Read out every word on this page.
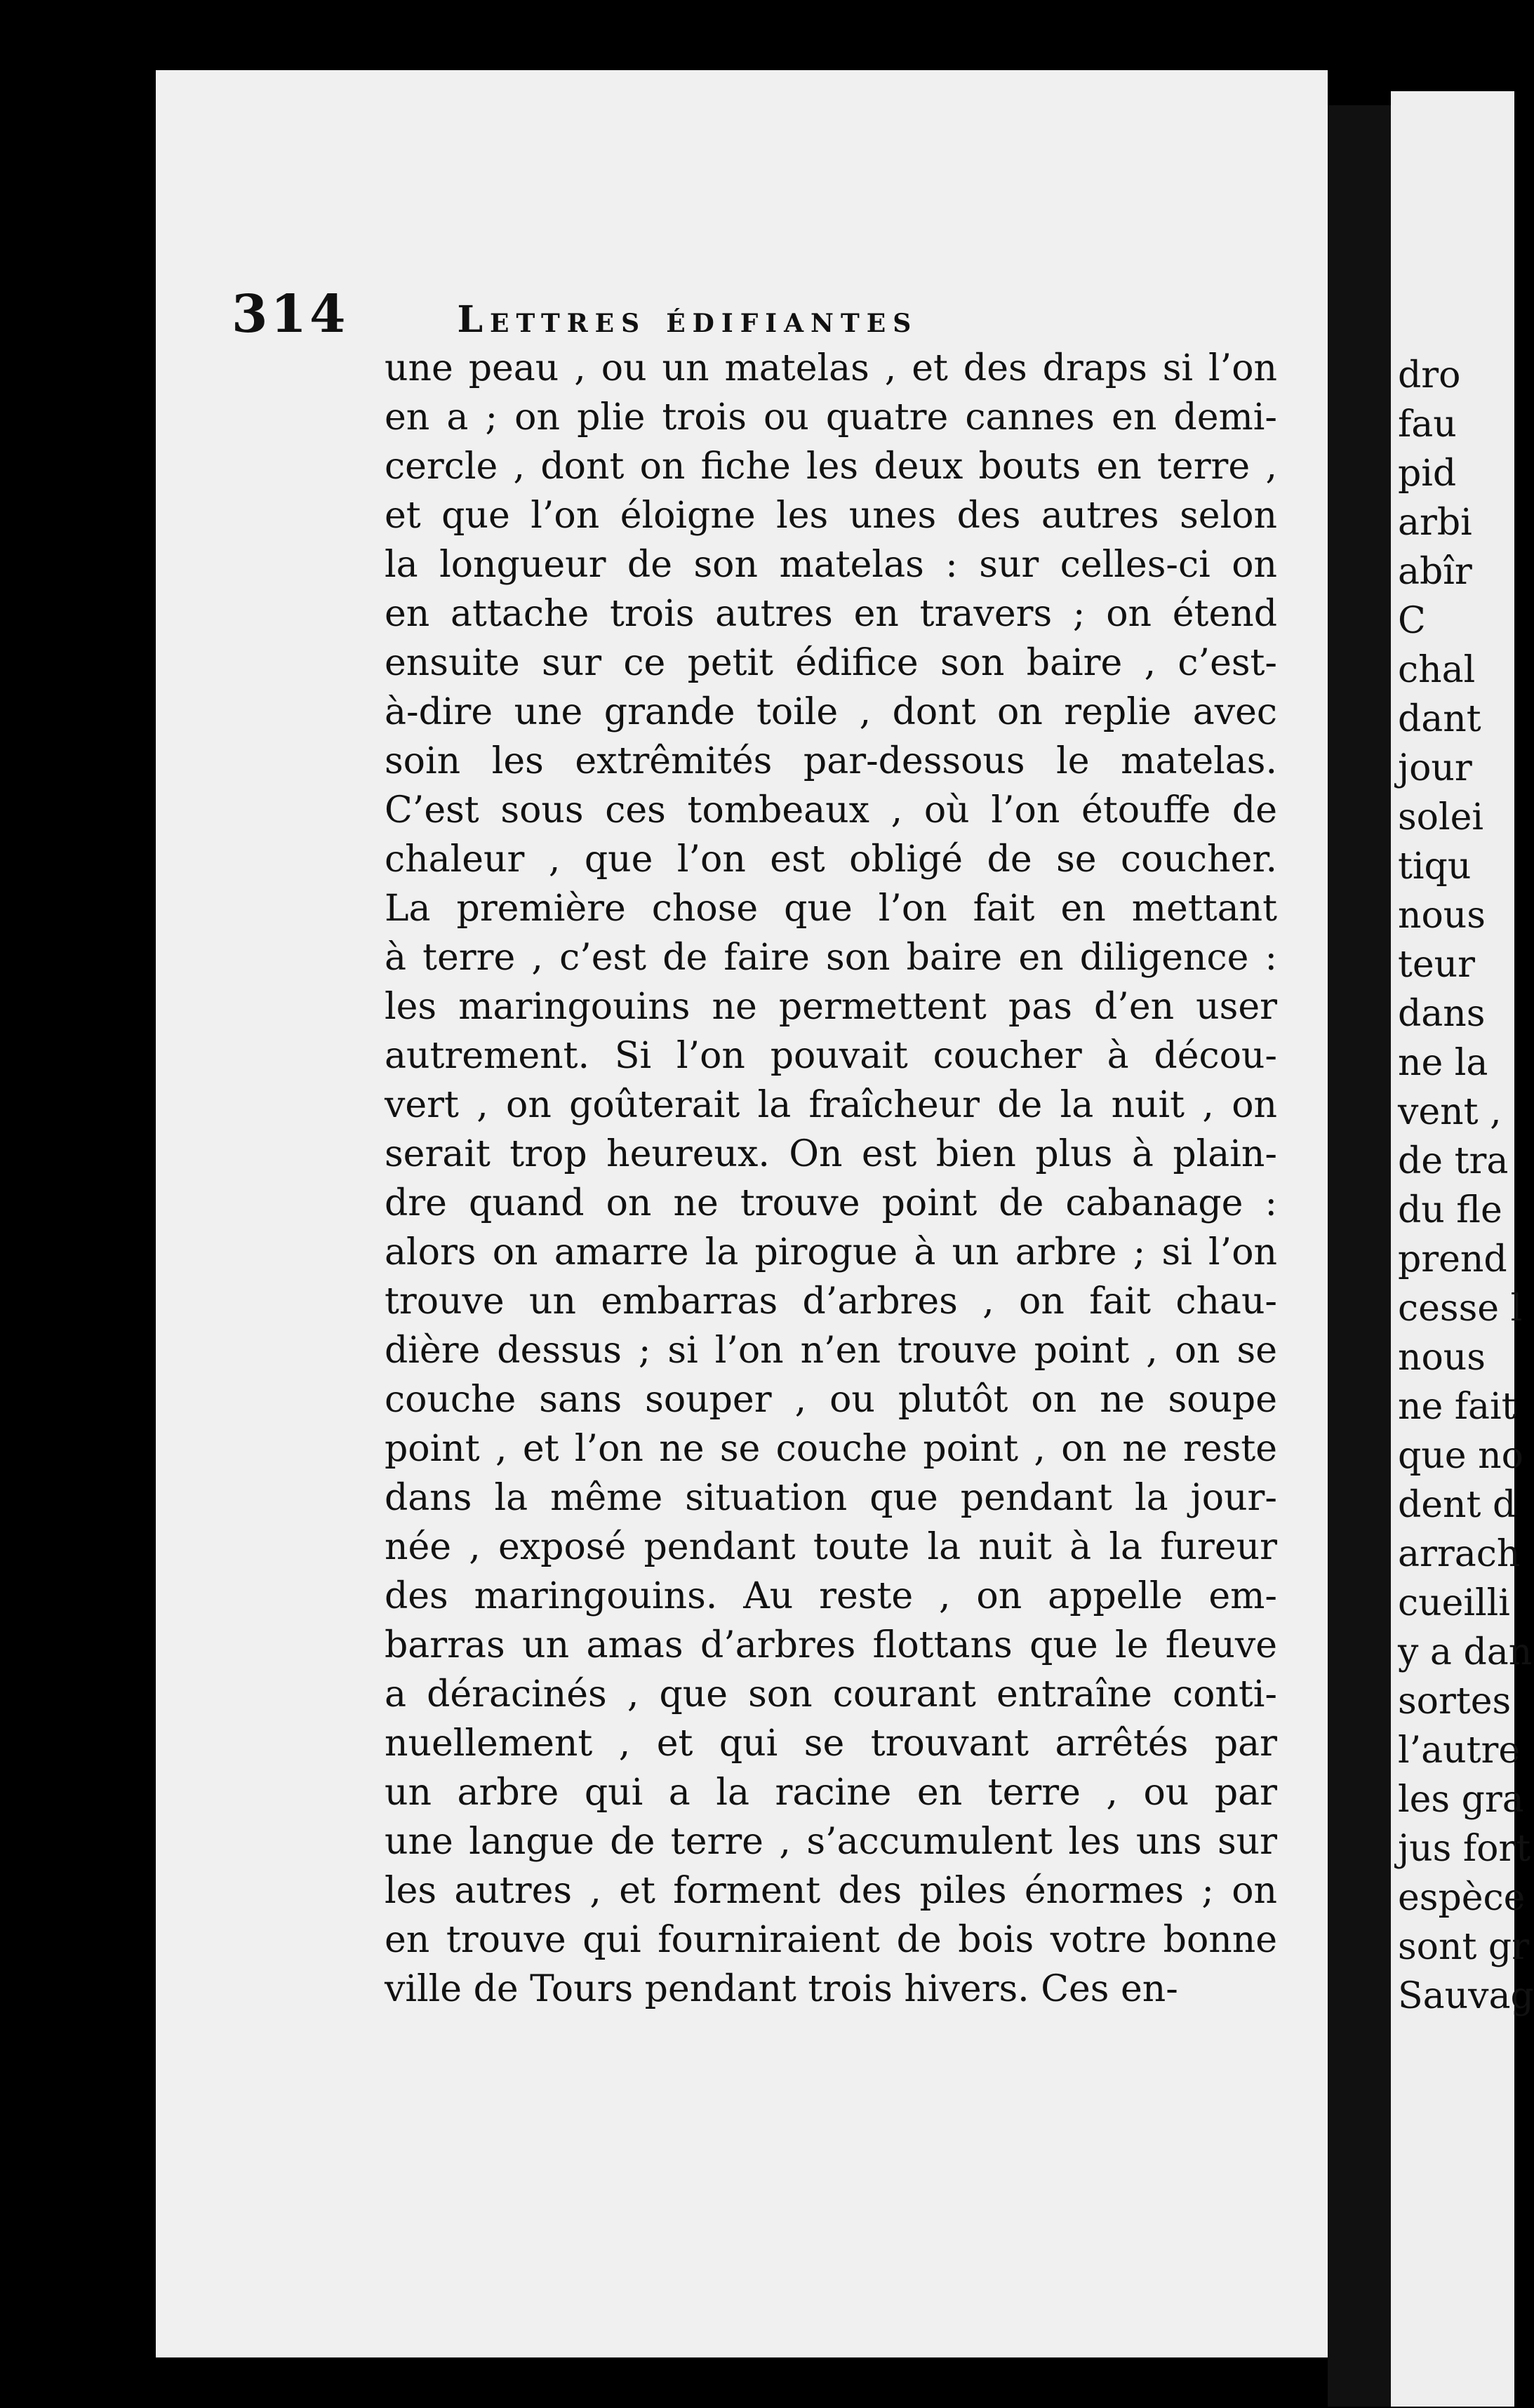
314	Lettres édifiantes
une peau , ou un matelas , et des draps si l’on
en a ; on plie trois ou quatre cannes en demi-
cercle , dont on fiche les deux bouts en terre ,
et que l’on éloigne les unes des autres selon
la longueur de son matelas : sur celles-ci on
en attache trois autres en travers ; on étend
ensuite sur ce petit édifice son baire , c’est-
à-dire une grande toile , dont on replie avec
soin les extrêmités par-dessous le matelas.
C’est sous ces tombeaux , où l’on étouffe de
chaleur , que l’on est obligé de se coucher.
La première chose que l’on fait en mettant
à terre , c’est de faire son baire en diligence :
les maringouins ne permettent pas d’en user
autrement. Si l’on pouvait coucher à décou-
vert , on goûterait la fraîcheur de la nuit , on
serait trop heureux. On est bien plus à plain-
dre quand on ne trouve point de cabanage :
alors on amarre la pirogue à un arbre ; si l’on
trouve un embarras d’arbres , on fait chau-
dière dessus ; si l’on n’en trouve point , on se
couche sans souper , ou plutôt on ne soupe
point , et l’on ne se couche point , on ne reste
dans la même situation que pendant la jour-
née , exposé pendant toute la nuit à la fureur
des maringouins. Au reste , on appelle em-
barras un amas d’arbres flottans que le fleuve
a déracinés , que son courant entraîne conti-
nuellement , et qui se trouvant arrêtés par
un arbre qui a la racine en terre , ou par
une langue de terre , s’accumulent les uns sur
les autres , et forment des piles énormes ; on
en trouve qui fourniraient de bois votre bonne
ville de Tours pendant trois hivers. Ces en-
dro
fau
pid
arbi
abîr
C
chal
dant
jour
solei
tiqu
nous
teur
dans
ne la
vent ,
de tra
du fle
prend
cesse l
nous
ne fait
que no
dent d
arrach
cueilli
y a dan
sortes
l’autre
les gra
jus fort
espèce
sont gr
Sauvag
